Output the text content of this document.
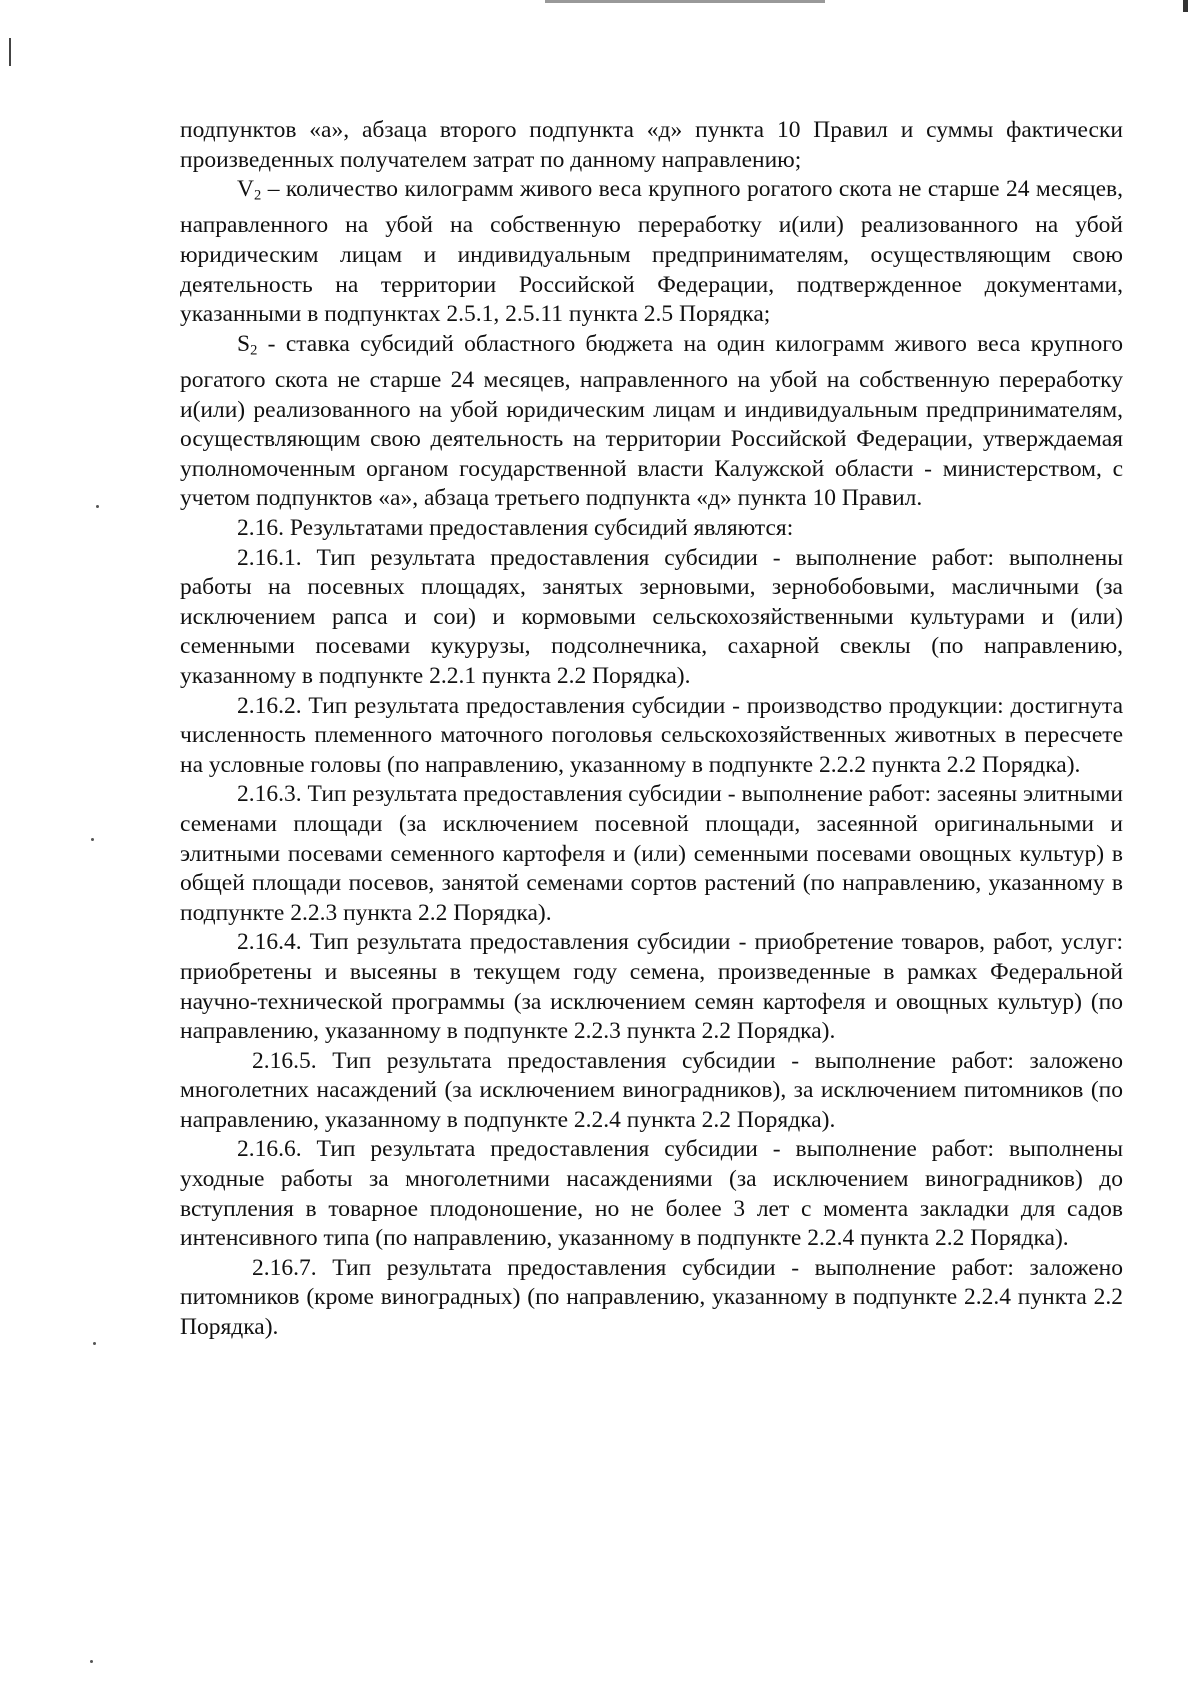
подпунктов «а», абзаца второго подпункта «д» пункта 10 Правил и суммы фактически произведенных получателем затрат по данному направлению;

$V_2$ – количество килограмм живого веса крупного рогатого скота не старше 24 месяцев, направленного на убой на собственную переработку и(или) реализованного на убой юридическим лицам и индивидуальным предпринимателям, осуществляющим свою деятельность на территории Российской Федерации, подтвержденное документами, указанными в подпунктах 2.5.1, 2.5.11 пункта 2.5 Порядка;

$S_2$ - ставка субсидий областного бюджета на один килограмм живого веса крупного рогатого скота не старше 24 месяцев, направленного на убой на собственную переработку и(или) реализованного на убой юридическим лицам и индивидуальным предпринимателям, осуществляющим свою деятельность на территории Российской Федерации, утверждаемая уполномоченным органом государственной власти Калужской области - министерством, с учетом подпунктов «а», абзаца третьего подпункта «д» пункта 10 Правил.

2.16. Результатами предоставления субсидий являются:

2.16.1. Тип результата предоставления субсидии - выполнение работ: выполнены работы на посевных площадях, занятых зерновыми, зернобобовыми, масличными (за исключением рапса и сои) и кормовыми сельскохозяйственными культурами и (или) семенными посевами кукурузы, подсолнечника, сахарной свеклы (по направлению, указанному в подпункте 2.2.1 пункта 2.2 Порядка).

2.16.2. Тип результата предоставления субсидии - производство продукции: достигнута численность племенного маточного поголовья сельскохозяйственных животных в пересчете на условные головы (по направлению, указанному в подпункте 2.2.2 пункта 2.2 Порядка).

2.16.3. Тип результата предоставления субсидии - выполнение работ: засеяны элитными семенами площади (за исключением посевной площади, засеянной оригинальными и элитными посевами семенного картофеля и (или) семенными посевами овощных культур) в общей площади посевов, занятой семенами сортов растений (по направлению, указанному в подпункте 2.2.3 пункта 2.2 Порядка).

2.16.4. Тип результата предоставления субсидии - приобретение товаров, работ, услуг: приобретены и высеяны в текущем году семена, произведенные в рамках Федеральной научно-технической программы (за исключением семян картофеля и овощных культур) (по направлению, указанному в подпункте 2.2.3 пункта 2.2 Порядка).

2.16.5. Тип результата предоставления субсидии - выполнение работ: заложено многолетних насаждений (за исключением виноградников), за исключением питомников (по направлению, указанному в подпункте 2.2.4 пункта 2.2 Порядка).

2.16.6. Тип результата предоставления субсидии - выполнение работ: выполнены уходные работы за многолетними насаждениями (за исключением виноградников) до вступления в товарное плодоношение, но не более 3 лет с момента закладки для садов интенсивного типа (по направлению, указанному в подпункте 2.2.4 пункта 2.2 Порядка).

2.16.7. Тип результата предоставления субсидии - выполнение работ: заложено питомников (кроме виноградных) (по направлению, указанному в подпункте 2.2.4 пункта 2.2 Порядка).
